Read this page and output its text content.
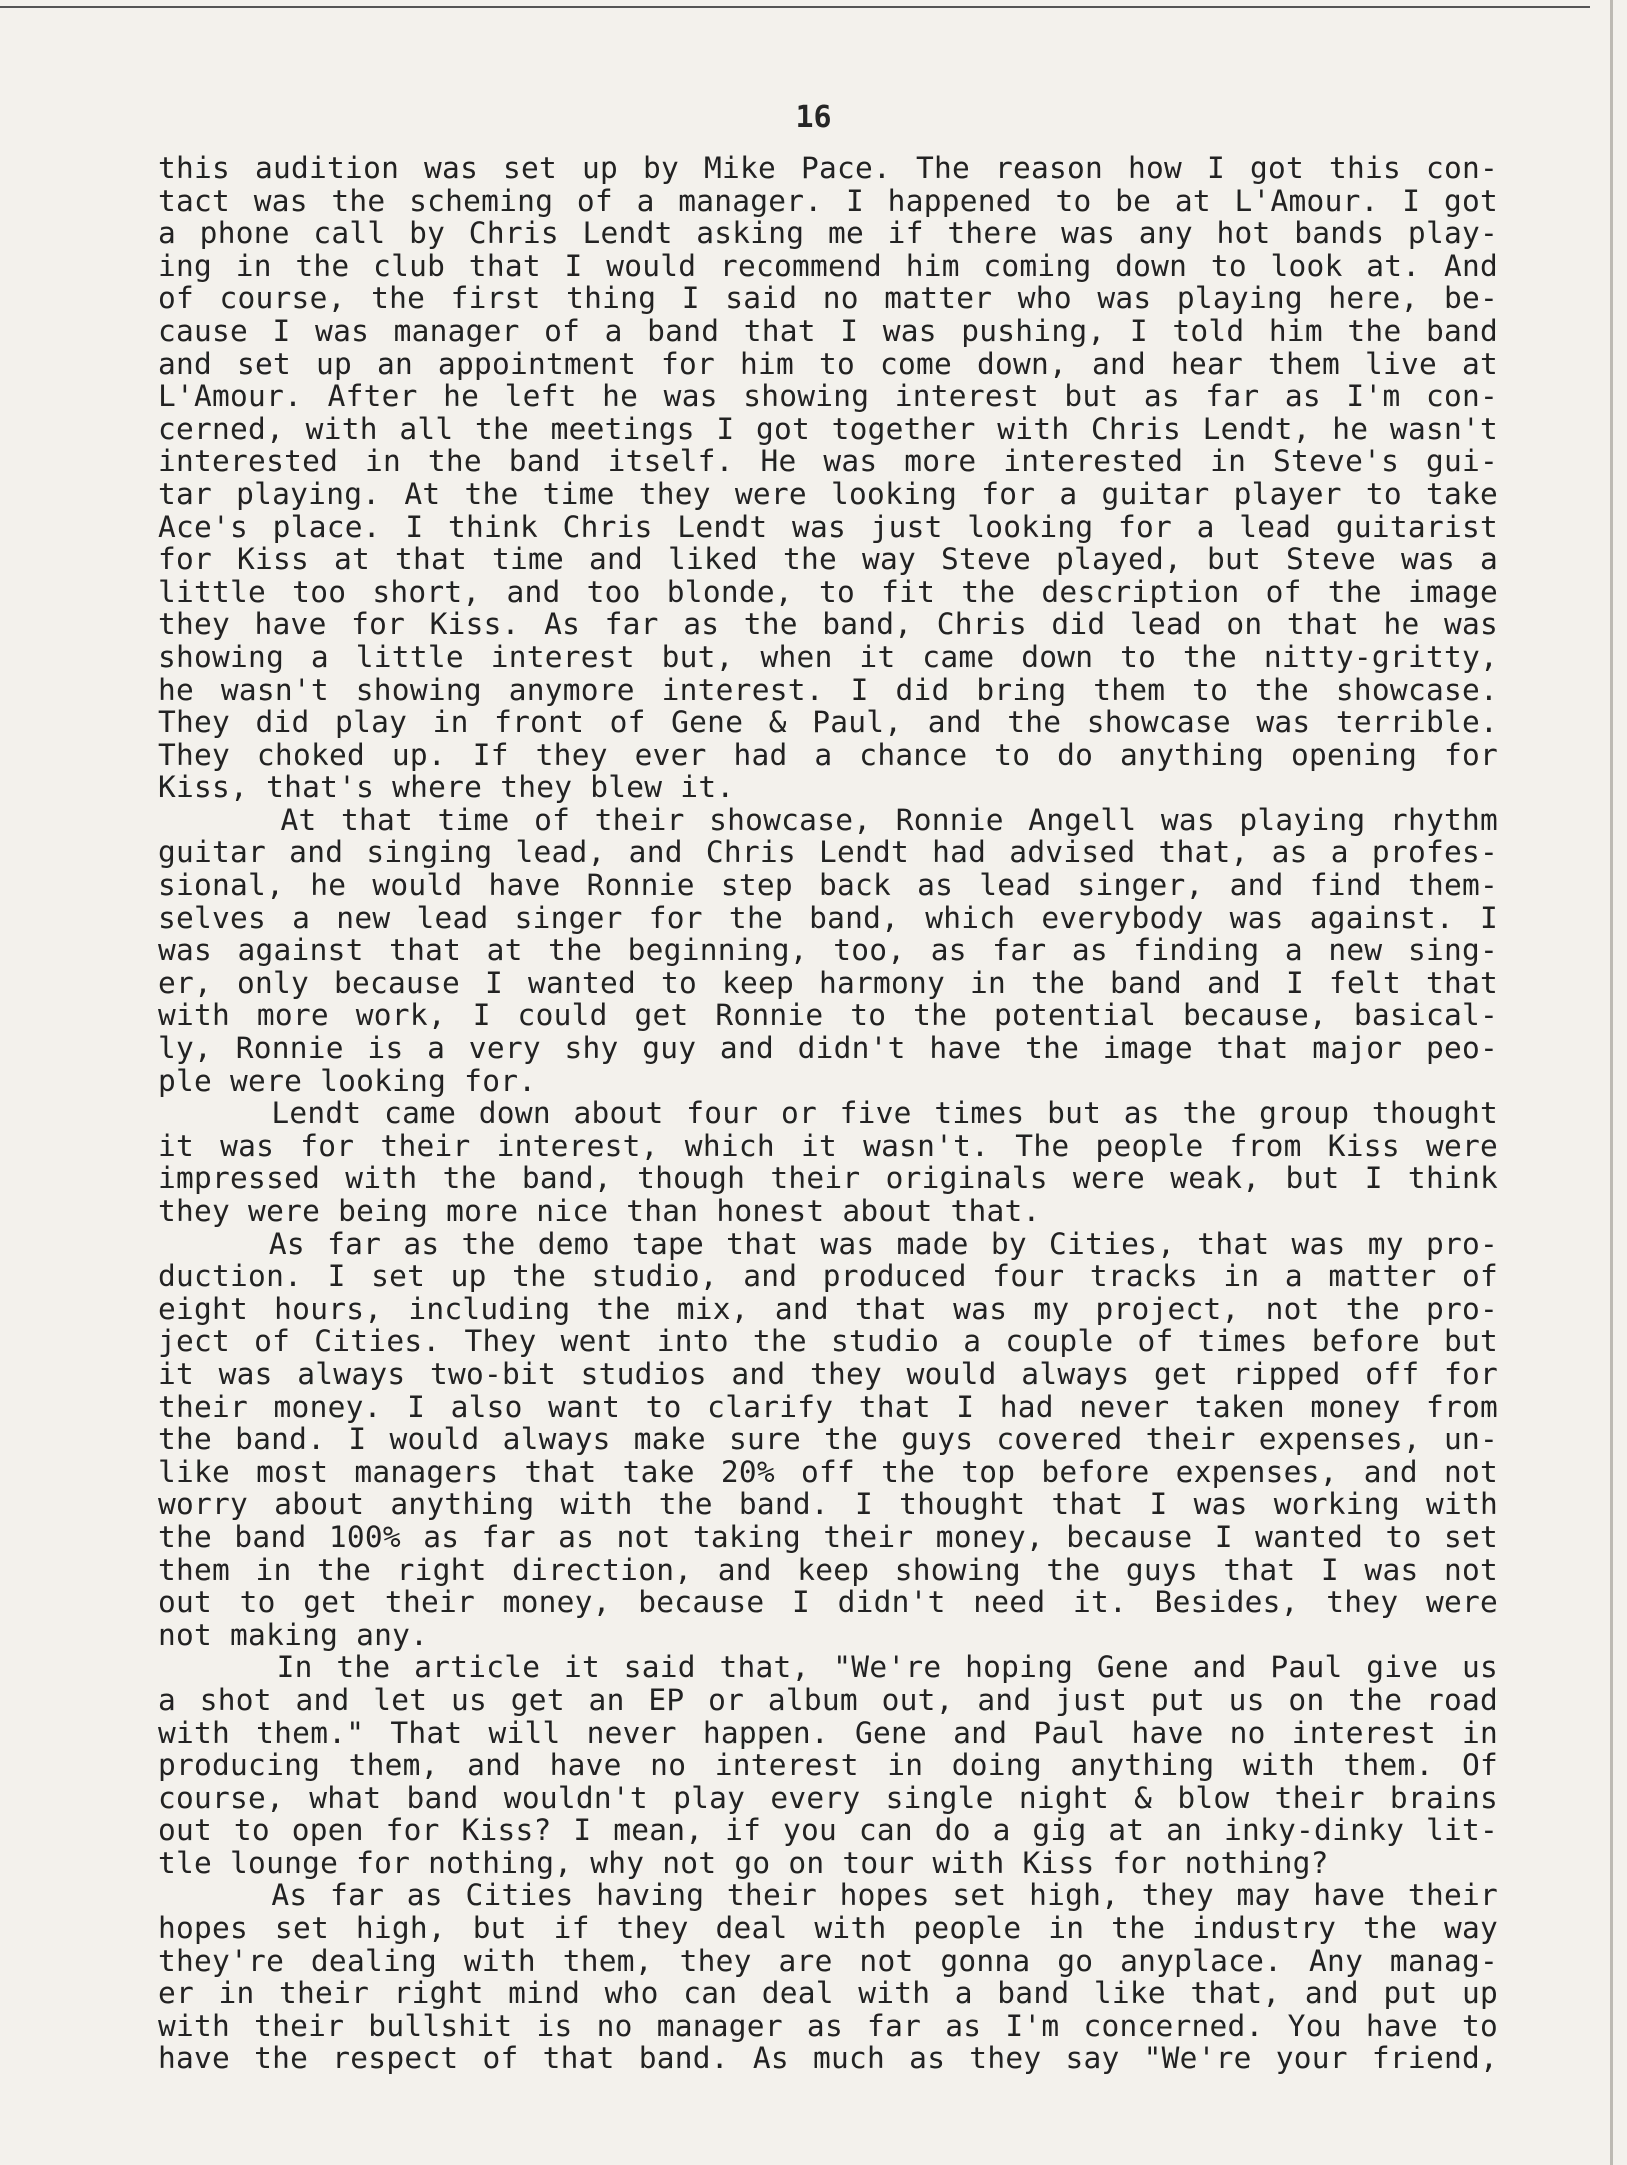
16
this audition was set up by Mike Pace. The reason how I got this con-
tact was the scheming of a manager. I happened to be at L'Amour. I got
a phone call by Chris Lendt asking me if there was any hot bands play-
ing in the club that I would recommend him coming down to look at. And
of course, the first thing I said no matter who was playing here, be-
cause I was manager of a band that I was pushing, I told him the band
and set up an appointment for him to come down, and hear them live at
L'Amour. After he left he was showing interest but as far as I'm con-
cerned, with all the meetings I got together with Chris Lendt, he wasn't
interested in the band itself. He was more interested in Steve's gui-
tar playing. At the time they were looking for a guitar player to take
Ace's place. I think Chris Lendt was just looking for a lead guitarist
for Kiss at that time and liked the way Steve played, but Steve was a
little too short, and too blonde, to fit the description of the image
they have for Kiss. As far as the band, Chris did lead on that he was
showing a little interest but, when it came down to the nitty-gritty,
he wasn't showing anymore interest. I did bring them to the showcase.
They did play in front of Gene & Paul, and the showcase was terrible.
They choked up. If they ever had a chance to do anything opening for
Kiss, that's where they blew it.
At that time of their showcase, Ronnie Angell was playing rhythm
guitar and singing lead, and Chris Lendt had advised that, as a profes-
sional, he would have Ronnie step back as lead singer, and find them-
selves a new lead singer for the band, which everybody was against. I
was against that at the beginning, too, as far as finding a new sing-
er, only because I wanted to keep harmony in the band and I felt that
with more work, I could get Ronnie to the potential because, basical-
ly, Ronnie is a very shy guy and didn't have the image that major peo-
ple were looking for.
Lendt came down about four or five times but as the group thought
it was for their interest, which it wasn't. The people from Kiss were
impressed with the band, though their originals were weak, but I think
they were being more nice than honest about that.
As far as the demo tape that was made by Cities, that was my pro-
duction. I set up the studio, and produced four tracks in a matter of
eight hours, including the mix, and that was my project, not the pro-
ject of Cities. They went into the studio a couple of times before but
it was always two-bit studios and they would always get ripped off for
their money. I also want to clarify that I had never taken money from
the band. I would always make sure the guys covered their expenses, un-
like most managers that take 20% off the top before expenses, and not
worry about anything with the band. I thought that I was working with
the band 100% as far as not taking their money, because I wanted to set
them in the right direction, and keep showing the guys that I was not
out to get their money, because I didn't need it. Besides, they were
not making any.
In the article it said that, "We're hoping Gene and Paul give us
a shot and let us get an EP or album out, and just put us on the road
with them." That will never happen. Gene and Paul have no interest in
producing them, and have no interest in doing anything with them. Of
course, what band wouldn't play every single night & blow their brains
out to open for Kiss? I mean, if you can do a gig at an inky-dinky lit-
tle lounge for nothing, why not go on tour with Kiss for nothing?
As far as Cities having their hopes set high, they may have their
hopes set high, but if they deal with people in the industry the way
they're dealing with them, they are not gonna go anyplace. Any manag-
er in their right mind who can deal with a band like that, and put up
with their bullshit is no manager as far as I'm concerned. You have to
have the respect of that band. As much as they say "We're your friend,
